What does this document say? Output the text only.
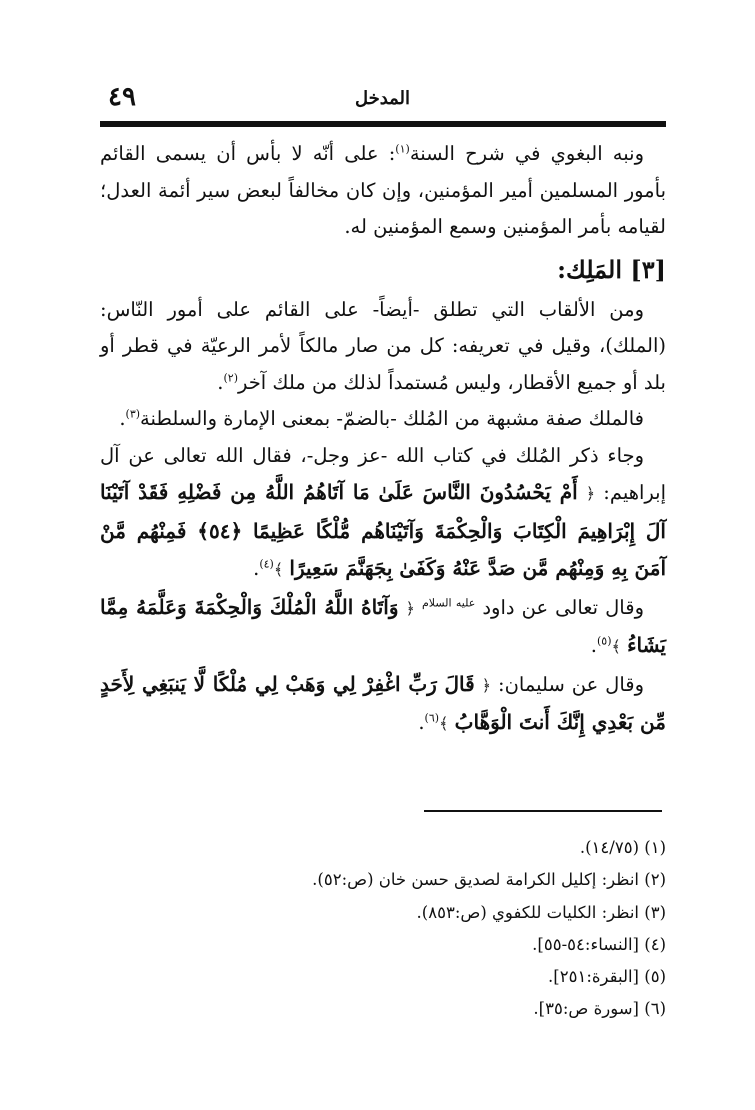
٤٩	المدخل

ونبه البغوي في شرح السنة$^{(١)}$: على أنّه لا بأس أن يسمى القائم بأمور المسلمين أمير المؤمنين، وإن كان مخالفاً لبعض سير أئمة العدل؛ لقيامه بأمر المؤمنين وسمع المؤمنين له.

[٣] المَلِك:

ومن الألقاب التي تطلق -أيضاً- على القائم على أمور النّاس: (الملك)، وقيل في تعريفه: كل من صار مالكاً لأمر الرعيّة في قطر أو بلد أو جميع الأقطار، وليس مُستمداً لذلك من ملك آخر$^{(٢)}$.

فالملك صفة مشبهة من المُلك -بالضمّ- بمعنى الإمارة والسلطنة$^{(٣)}$.

وجاء ذكر المُلك في كتاب الله -عز وجل-، فقال الله تعالى عن آل إبراهيم: ﴿ أَمْ يَحْسُدُونَ النَّاسَ عَلَىٰ مَا آتَاهُمُ اللَّهُ مِن فَضْلِهِ فَقَدْ آتَيْنَا آلَ إِبْرَاهِيمَ الْكِتَابَ وَالْحِكْمَةَ وَآتَيْنَاهُم مُّلْكًا عَظِيمًا ﴿٥٤﴾ فَمِنْهُم مَّنْ آمَنَ بِهِ وَمِنْهُم مَّن صَدَّ عَنْهُ وَكَفَىٰ بِجَهَنَّمَ سَعِيرًا ﴾$^{(٤)}$.

وقال تعالى عن داود $^{عليه السلام}$ ﴿ وَآتَاهُ اللَّهُ الْمُلْكَ وَالْحِكْمَةَ وَعَلَّمَهُ مِمَّا يَشَاءُ ﴾$^{(٥)}$.

وقال عن سليمان: ﴿ قَالَ رَبِّ اغْفِرْ لِي وَهَبْ لِي مُلْكًا لَّا يَنبَغِي لِأَحَدٍ مِّن بَعْدِي إِنَّكَ أَنتَ الْوَهَّابُ ﴾$^{(٦)}$.

(١) (١٤/٧٥).
(٢) انظر: إكليل الكرامة لصديق حسن خان (ص:٥٢).
(٣) انظر: الكليات للكفوي (ص:٨٥٣).
(٤) [النساء:٥٤-٥٥].
(٥) [البقرة:٢٥١].
(٦) [سورة ص:٣٥].
